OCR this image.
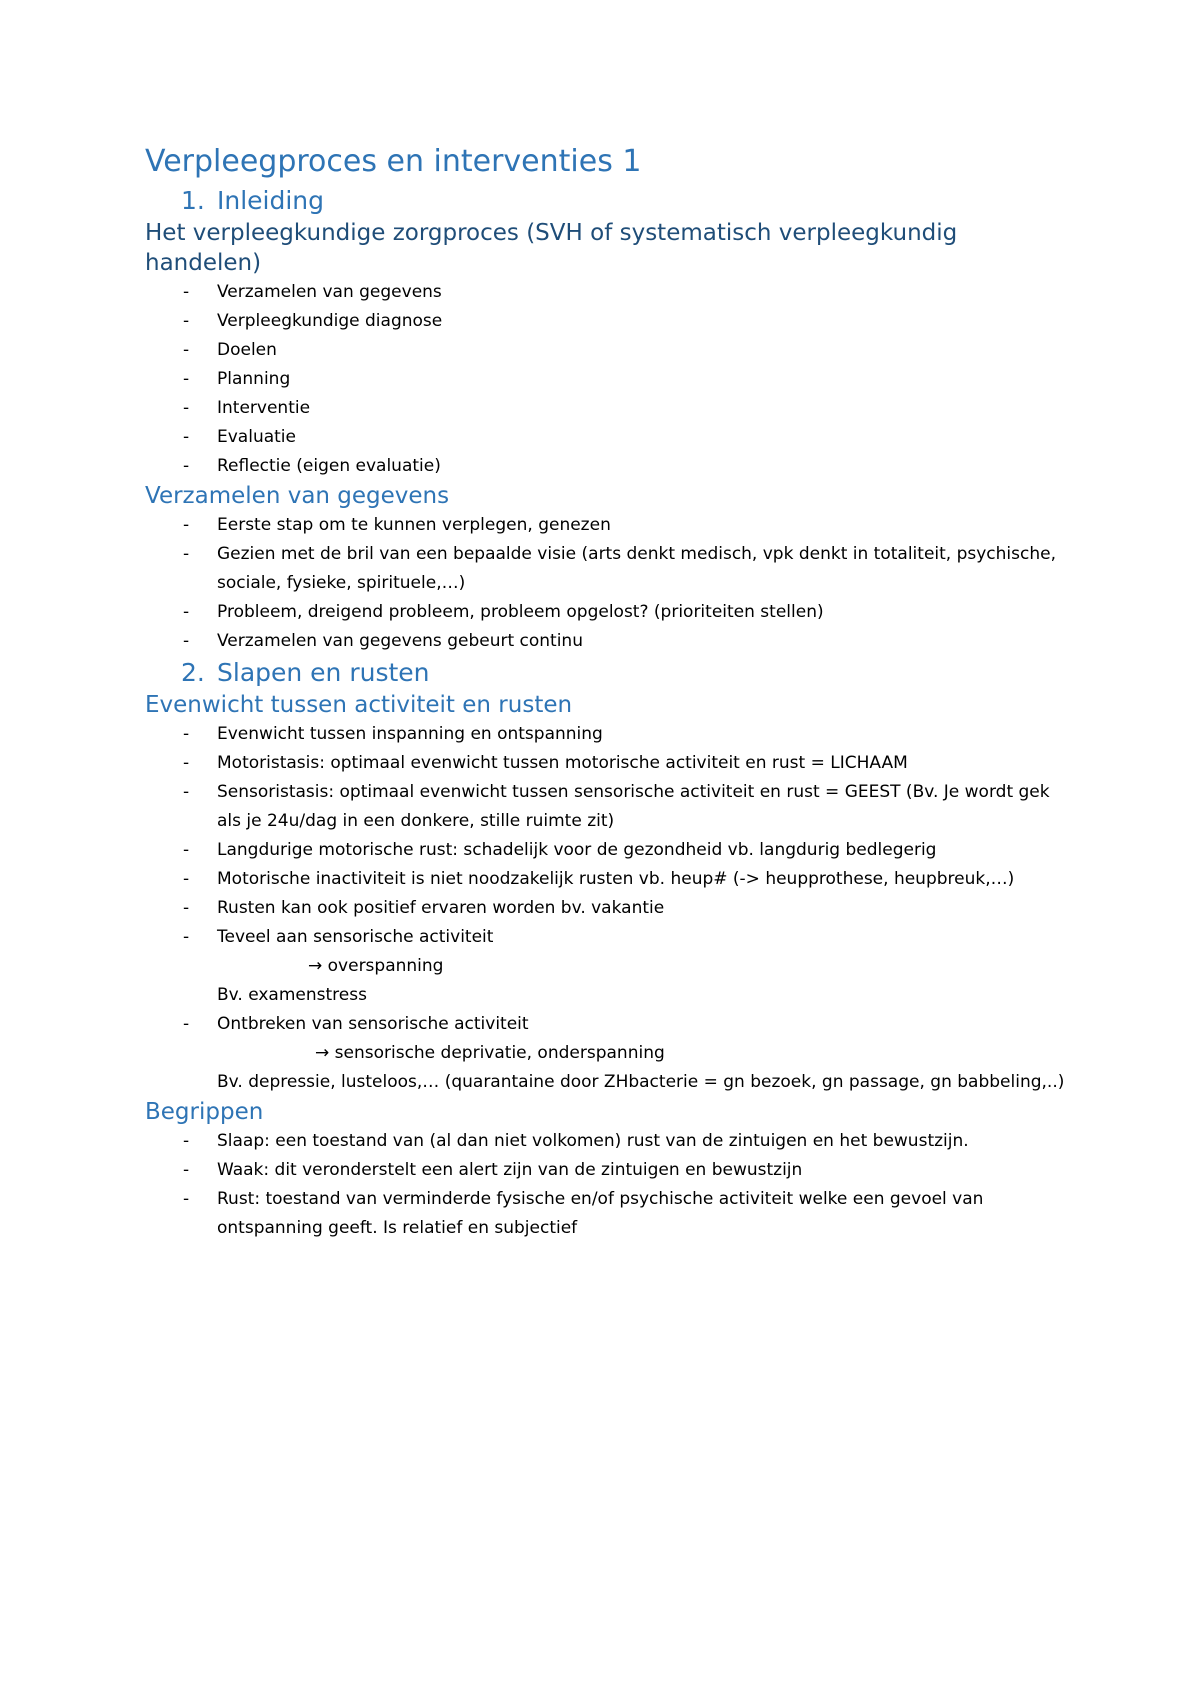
Verpleegproces en interventies 1
1. Inleiding
Het verpleegkundige zorgproces (SVH of systematisch verpleegkundig handelen)
- Verzamelen van gegevens
- Verpleegkundige diagnose
- Doelen
- Planning
- Interventie
- Evaluatie
- Reflectie (eigen evaluatie)
Verzamelen van gegevens
- Eerste stap om te kunnen verplegen, genezen
- Gezien met de bril van een bepaalde visie (arts denkt medisch, vpk denkt in totaliteit, psychische, sociale, fysieke, spirituele,…)
- Probleem, dreigend probleem, probleem opgelost? (prioriteiten stellen)
- Verzamelen van gegevens gebeurt continu
2. Slapen en rusten
Evenwicht tussen activiteit en rusten
- Evenwicht tussen inspanning en ontspanning
- Motoristasis: optimaal evenwicht tussen motorische activiteit en rust = LICHAAM
- Sensoristasis: optimaal evenwicht tussen sensorische activiteit en rust = GEEST (Bv. Je wordt gek als je 24u/dag in een donkere, stille ruimte zit)
- Langdurige motorische rust: schadelijk voor de gezondheid vb. langdurig bedlegerig
- Motorische inactiviteit is niet noodzakelijk rusten vb. heup# (-> heupprothese, heupbreuk,…)
- Rusten kan ook positief ervaren worden bv. vakantie
- Teveel aan sensorische activiteit
→ overspanning
Bv. examenstress
- Ontbreken van sensorische activiteit
→ sensorische deprivatie, onderspanning
Bv. depressie, lusteloos,… (quarantaine door ZHbacterie = gn bezoek, gn passage, gn babbeling,..)
Begrippen
- Slaap: een toestand van (al dan niet volkomen) rust van de zintuigen en het bewustzijn.
- Waak: dit veronderstelt een alert zijn van de zintuigen en bewustzijn
- Rust: toestand van verminderde fysische en/of psychische activiteit welke een gevoel van ontspanning geeft. Is relatief en subjectief
